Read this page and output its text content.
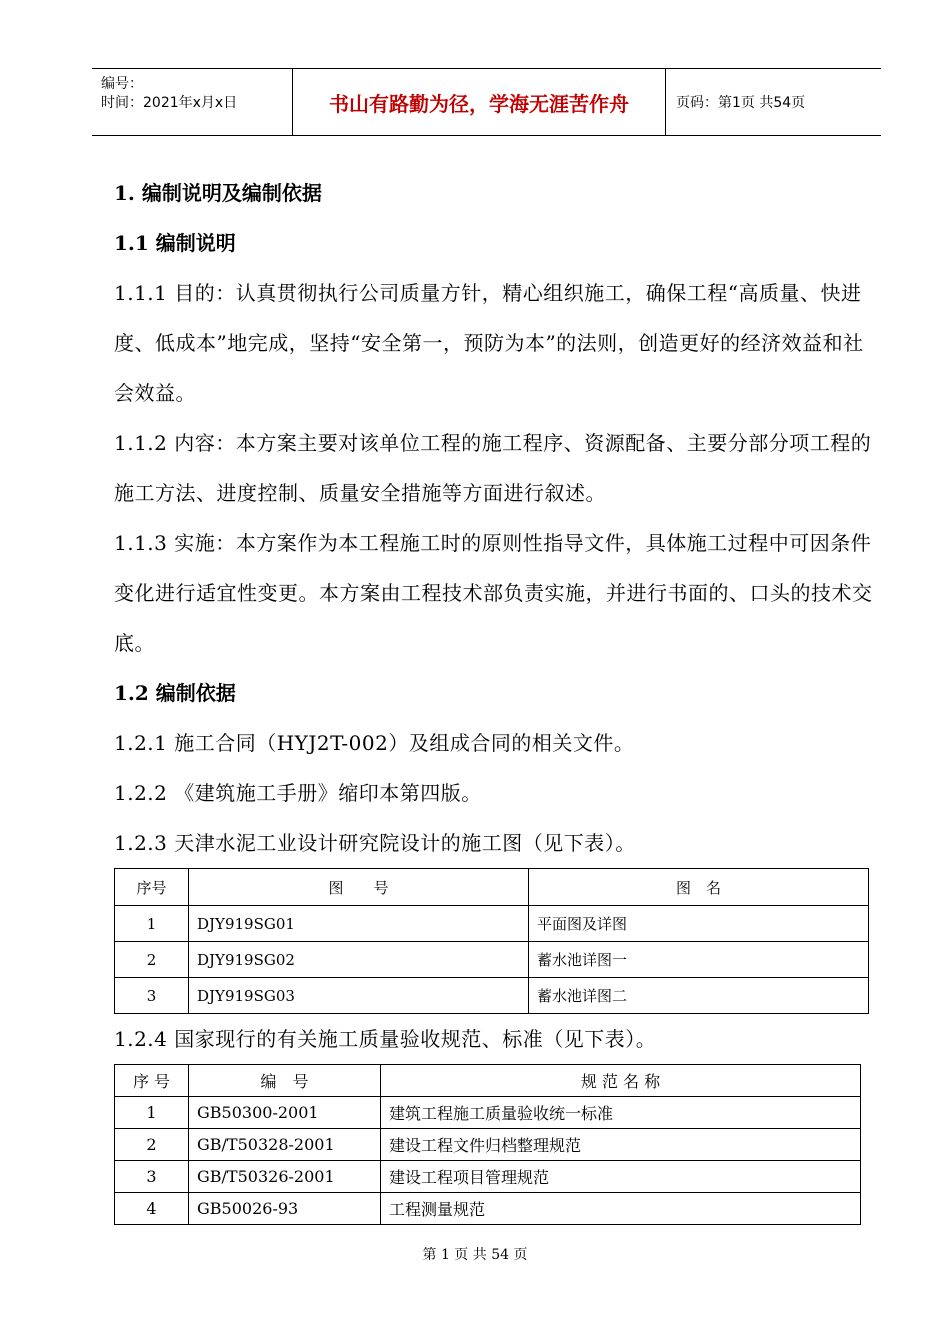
编号：
时间：2021年x月x日	书山有路勤为径，学海无涯苦作舟	页码：第1页 共54页
1. 编制说明及编制依据
1.1 编制说明
1.1.1 目的：认真贯彻执行公司质量方针，精心组织施工，确保工程“高质量、快进度、低成本”地完成，坚持“安全第一，预防为本”的法则，创造更好的经济效益和社会效益。
1.1.2 内容：本方案主要对该单位工程的施工程序、资源配备、主要分部分项工程的施工方法、进度控制、质量安全措施等方面进行叙述。
1.1.3 实施：本方案作为本工程施工时的原则性指导文件，具体施工过程中可因条件变化进行适宜性变更。本方案由工程技术部负责实施，并进行书面的、口头的技术交底。
1.2 编制依据
1.2.1 施工合同（HYJ2T-002）及组成合同的相关文件。
1.2.2 《建筑施工手册》缩印本第四版。
1.2.3 天津水泥工业设计研究院设计的施工图（见下表）。
序号	图　　号	图　名
1	DJY919SG01	平面图及详图
2	DJY919SG02	蓄水池详图一
3	DJY919SG03	蓄水池详图二
1.2.4 国家现行的有关施工质量验收规范、标准（见下表）。
序 号	编　号	规 范 名 称
1	GB50300-2001	建筑工程施工质量验收统一标准
2	GB/T50328-2001	建设工程文件归档整理规范
3	GB/T50326-2001	建设工程项目管理规范
4	GB50026-93	工程测量规范
第 1 页 共 54 页
